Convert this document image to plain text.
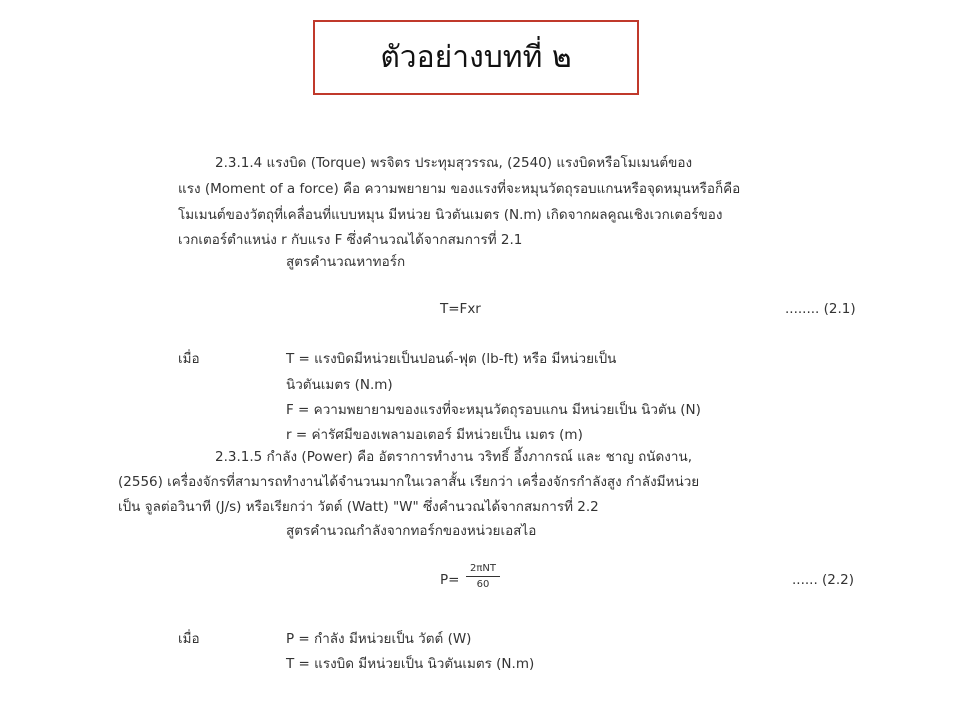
ตัวอย่างบทที่ ๒
2.3.1.4 แรงบิด (Torque) พรจิตร ประทุมสุวรรณ, (2540) แรงบิดหรือโมเมนต์ของ
แรง (Moment of a force) คือ ความพยายาม ของแรงที่จะหมุนวัตถุรอบแกนหรือจุดหมุนหรือก็คือ
โมเมนต์ของวัตถุที่เคลื่อนที่แบบหมุน มีหน่วย นิวตันเมตร (N.m) เกิดจากผลคูณเชิงเวกเตอร์ของ
เวกเตอร์ตำแหน่ง r กับแรง F ซึ่งคำนวณได้จากสมการที่ 2.1
สูตรคำนวณหาทอร์ก
T=Fxr	........ (2.1)
เมื่อ	T = แรงบิดมีหน่วยเป็นปอนด์-ฟุต (lb-ft) หรือ มีหน่วยเป็น
นิวตันเมตร (N.m)
F = ความพยายามของแรงที่จะหมุนวัตถุรอบแกน มีหน่วยเป็น นิวตัน (N)
r = ค่ารัศมีของเพลามอเตอร์ มีหน่วยเป็น เมตร (m)
2.3.1.5 กำลัง (Power) คือ อัตราการทำงาน วริทธิ์ อึ้งภากรณ์ และ ชาญ ถนัดงาน,
(2556) เครื่องจักรที่สามารถทำงานได้จำนวนมากในเวลาสั้น เรียกว่า เครื่องจักรกำลังสูง กำลังมีหน่วย
เป็น จูลต่อวินาที (J/s) หรือเรียกว่า วัตต์ (Watt) "W" ซึ่งคำนวณได้จากสมการที่ 2.2
สูตรคำนวณกำลังจากทอร์กของหน่วยเอสไอ
P=
2πNT
60	...... (2.2)
เมื่อ	P = กำลัง มีหน่วยเป็น วัตต์ (W)
T = แรงบิด มีหน่วยเป็น นิวตันเมตร (N.m)
